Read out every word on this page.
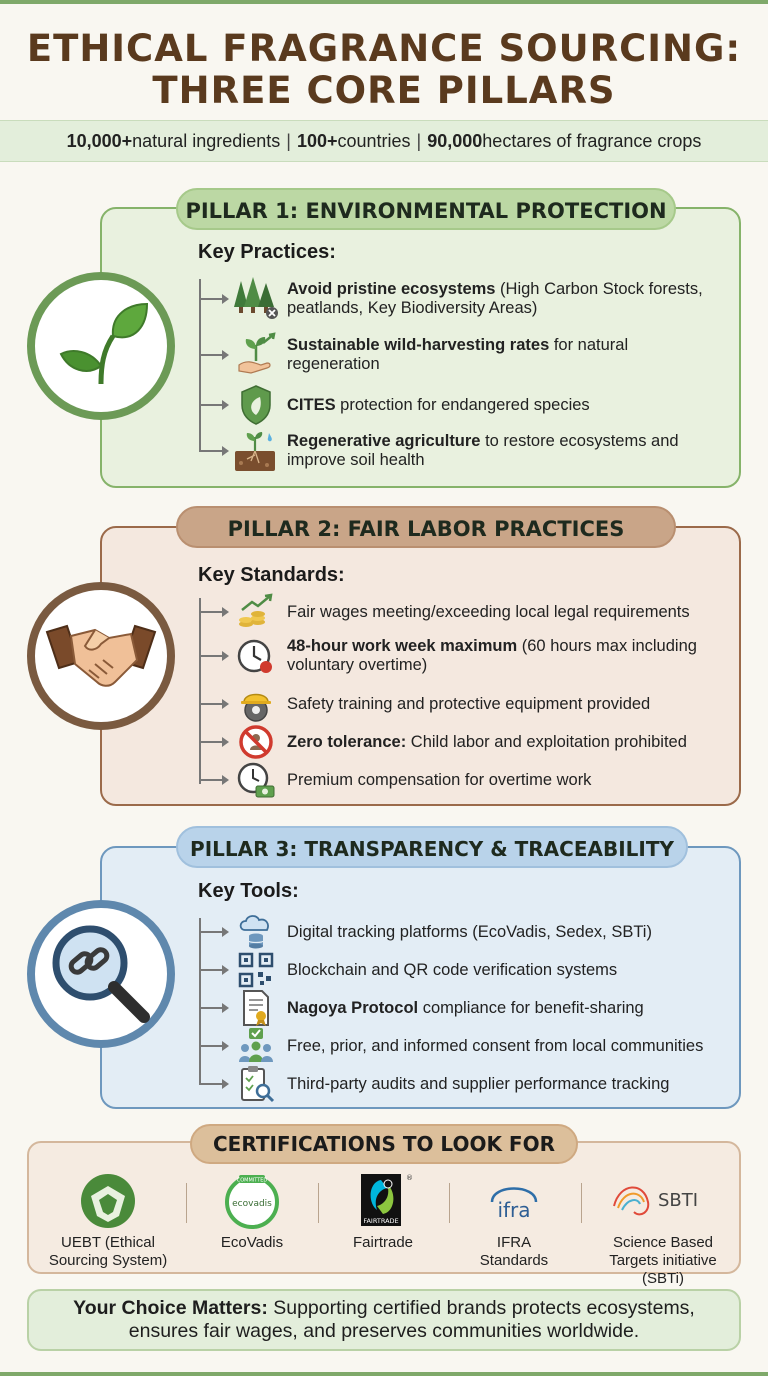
ETHICAL FRAGRANCE SOURCING:
THREE CORE PILLARS
10,000+ natural ingredients | 100+ countries | 90,000 hectares of fragrance crops
Key Practices:
Avoid pristine ecosystems (High Carbon Stock forests, peatlands, Key Biodiversity Areas)
Sustainable wild-harvesting rates for natural regeneration
CITES protection for endangered species
Regenerative agriculture to restore ecosystems and improve soil health
PILLAR 1: ENVIRONMENTAL PROTECTION
Key Standards:
Fair wages meeting/exceeding local legal requirements
48-hour work week maximum (60 hours max including voluntary overtime)
Safety training and protective equipment provided
Zero tolerance: Child labor and exploitation prohibited
Premium compensation for overtime work
PILLAR 2: FAIR LABOR PRACTICES
Key Tools:
Digital tracking platforms (EcoVadis, Sedex, SBTi)
Blockchain and QR code verification systems
Nagoya Protocol compliance for benefit-sharing
Free, prior, and informed consent from local communities
Third-party audits and supplier performance tracking
PILLAR 3: TRANSPARENCY & TRACEABILITY
CERTIFICATIONS TO LOOK FOR
UEBT (Ethical
Sourcing System)
COMMITTED
ecovadis
EcoVadis
FAIRTRADE
®
Fairtrade
ifra
IFRA
Standards
SBTI
Science Based
Targets initiative (SBTi)
Your Choice Matters: Supporting certified brands protects ecosystems, ensures fair wages, and preserves communities worldwide.
